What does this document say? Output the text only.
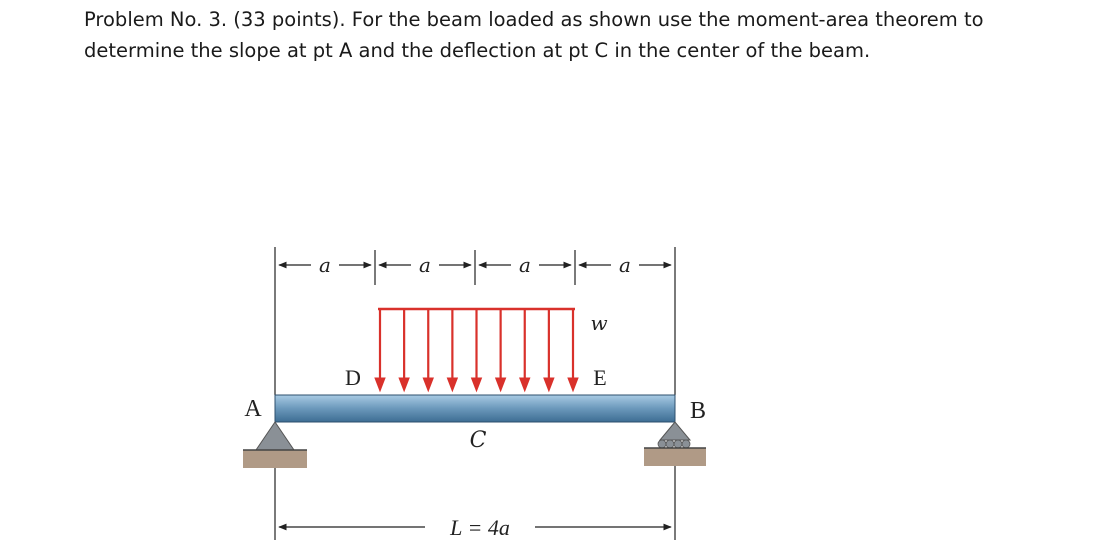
Problem No. 3. (33 points). For the beam loaded as shown use the moment-area theorem to
determine the slope at pt A and the deflection at pt C in the center of the beam.
a	a	a	a
w
D	E
A	B
C
L = 4a
